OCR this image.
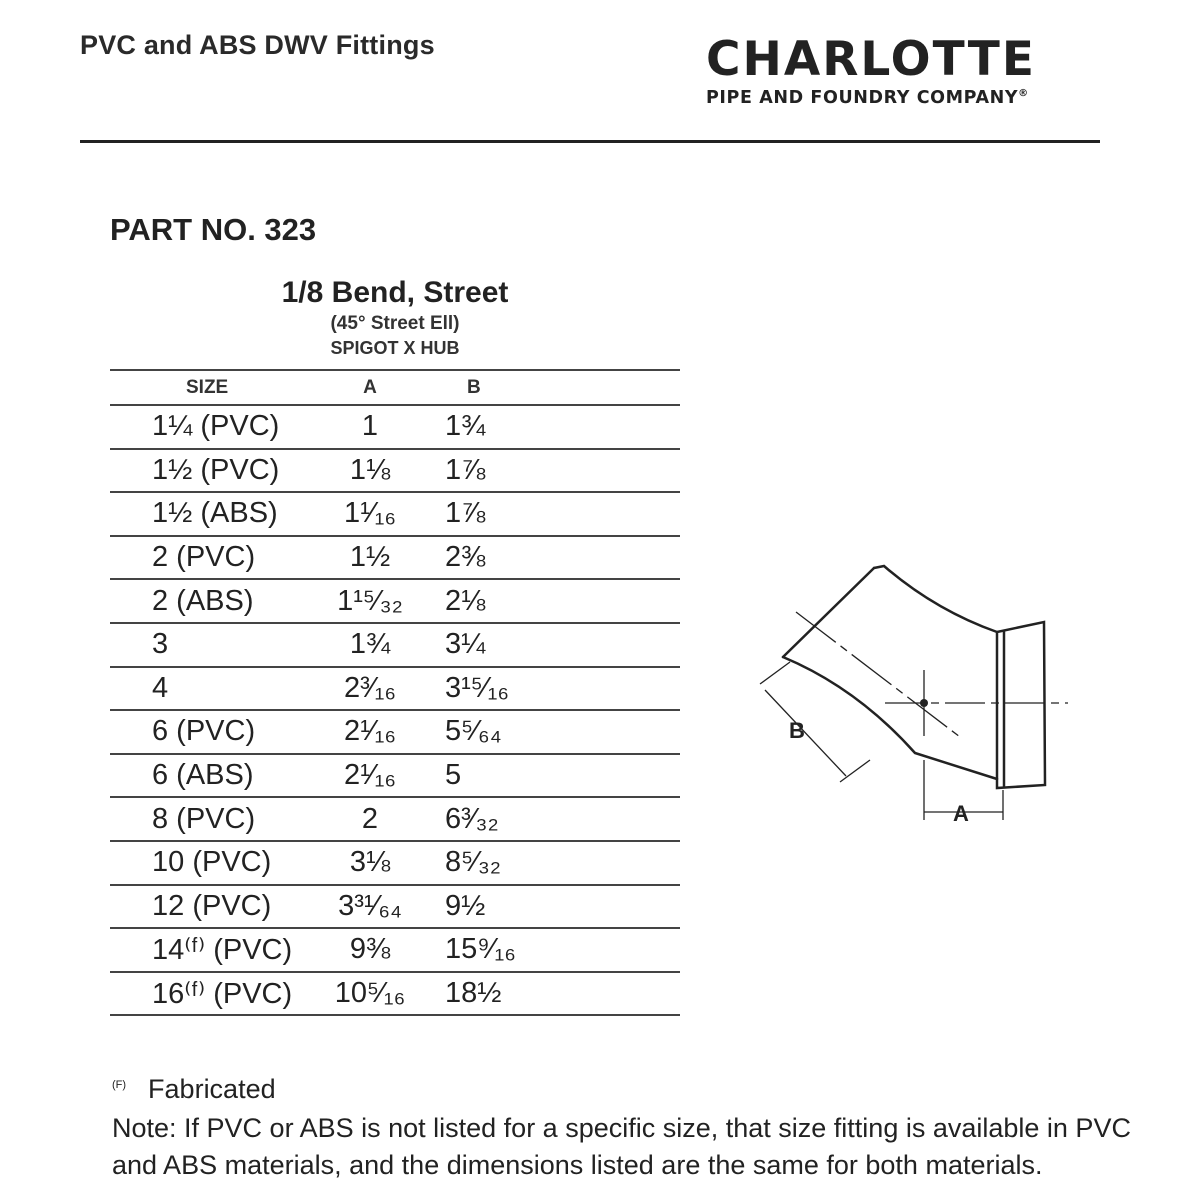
PVC and ABS DWV Fittings	CHARLOTTE
PIPE AND FOUNDRY COMPANY®
PART NO. 323
1/8 Bend, Street
(45° Street Ell)
SPIGOT X HUB
SIZE	A	B	
1¼ (PVC)	1	1¾	
1½ (PVC)	1⅛	1⅞	
1½ (ABS)	1¹⁄₁₆	1⅞	
2 (PVC)	1½	2⅜	
2 (ABS)	1¹⁵⁄₃₂	2⅛	
3	1¾	3¼	
4	2³⁄₁₆	3¹⁵⁄₁₆	
6 (PVC)	2¹⁄₁₆	5⁵⁄₆₄	
6 (ABS)	2¹⁄₁₆	5	
8 (PVC)	2	6³⁄₃₂	
10 (PVC)	3⅛	8⁵⁄₃₂	
12 (PVC)	3³¹⁄₆₄	9½	
14⁽ᶠ⁾ (PVC)	9⅜	15⁹⁄₁₆	
16⁽ᶠ⁾ (PVC)	10⁵⁄₁₆	18½	
B
A
$^{(F)}$ Fabricated
Note: If PVC or ABS is not listed for a specific size, that size fitting is available in PVC and ABS materials, and the dimensions listed are the same for both materials.
